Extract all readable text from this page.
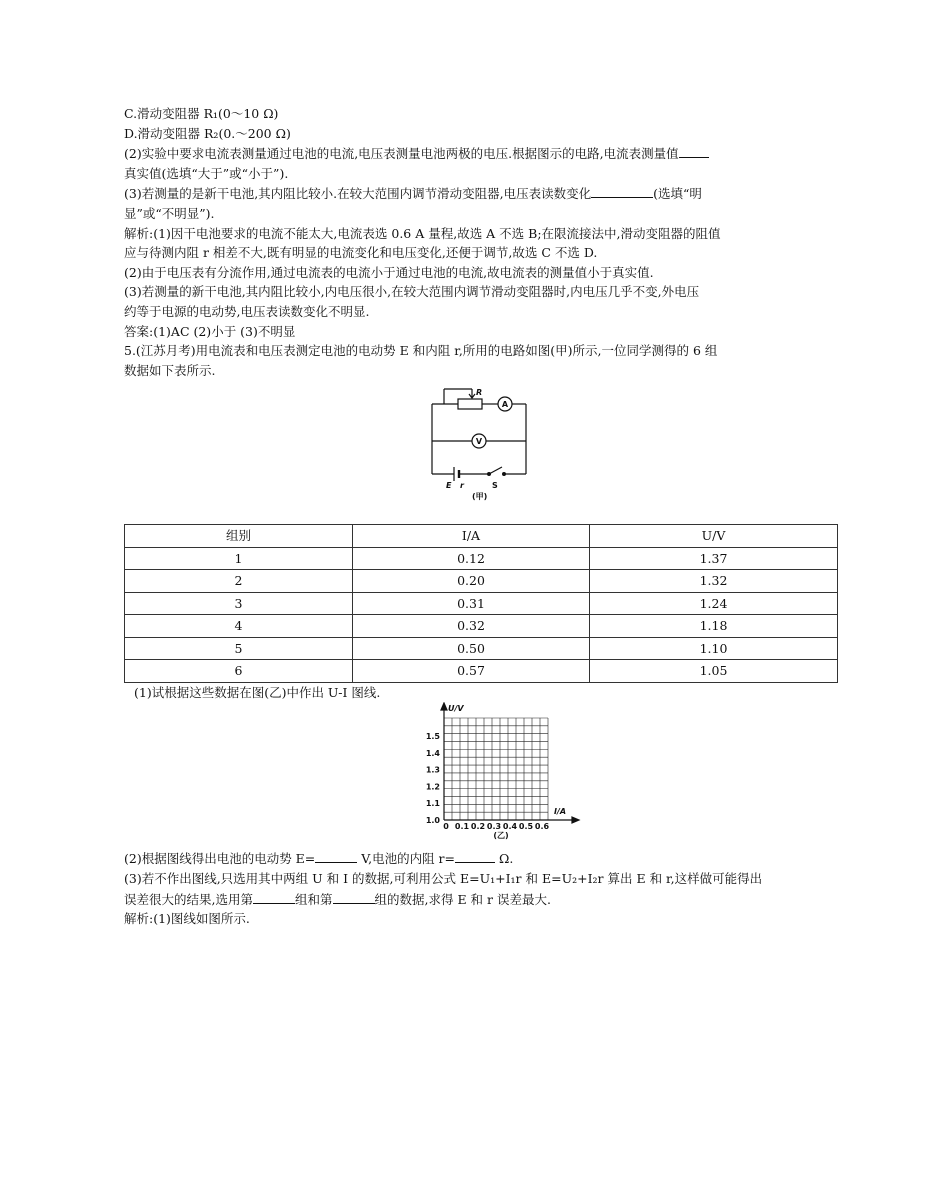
C.滑动变阻器 R₁(0～10 Ω)
D.滑动变阻器 R₂(0.～200 Ω)
(2)实验中要求电流表测量通过电池的电流,电压表测量电池两极的电压.根据图示的电路,电流表测量值
真实值(选填“大于”或“小于”).
(3)若测量的是新干电池,其内阻比较小.在较大范围内调节滑动变阻器,电压表读数变化	(选填“明
显”或“不明显”).
解析:(1)因干电池要求的电流不能太大,电流表选 0.6 A 量程,故选 A 不选 B;在限流接法中,滑动变阻器的阻值
应与待测内阻 r 相差不大,既有明显的电流变化和电压变化,还便于调节,故选 C 不选 D.
(2)由于电压表有分流作用,通过电流表的电流小于通过电池的电流,故电流表的测量值小于真实值.
(3)若测量的新干电池,其内阻比较小,内电压很小,在较大范围内调节滑动变阻器时,内电压几乎不变,外电压
约等于电源的电动势,电压表读数变化不明显.
答案:(1)AC (2)小于 (3)不明显
5.(江苏月考)用电流表和电压表测定电池的电动势 E 和内阻 r,所用的电路如图(甲)所示,一位同学测得的 6 组
数据如下表所示.
R
A
V
E r	S
(甲)
组别	I/A	U/V
1	0.12	1.37
2	0.20	1.32
3	0.31	1.24
4	0.32	1.18
5	0.50	1.10
6	0.57	1.05
(1)试根据这些数据在图(乙)中作出 U-I 图线.
U/V
I/A
1.5
1.4
1.3
1.2
1.1
1.0
0 0.1 0.2 0.3 0.4 0.5 0.6
(乙)
(2)根据图线得出电池的电动势 E=	V,电池的内阻 r=	Ω.
(3)若不作出图线,只选用其中两组 U 和 I 的数据,可利用公式 E=U₁+I₁r 和 E=U₂+I₂r 算出 E 和 r,这样做可能得出
误差很大的结果,选用第	组和第	组的数据,求得 E 和 r 误差最大.
解析:(1)图线如图所示.
